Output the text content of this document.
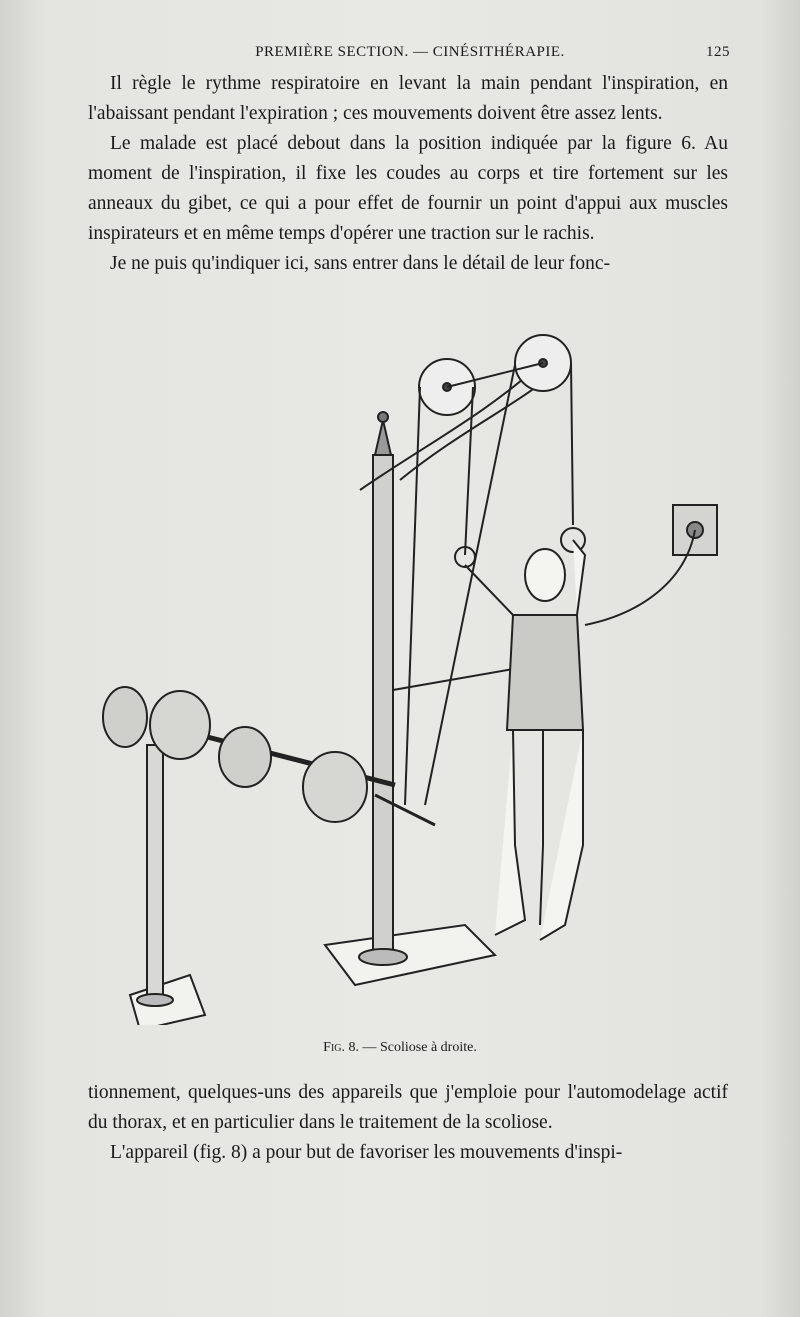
PREMIÈRE SECTION. — CINÉSITHÉRAPIE.	125

Il règle le rythme respiratoire en levant la main pendant l'inspiration, en l'abaissant pendant l'expiration ; ces mouvements doivent être assez lents.

Le malade est placé debout dans la position indiquée par la figure 6. Au moment de l'inspiration, il fixe les coudes au corps et tire fortement sur les anneaux du gibet, ce qui a pour effet de fournir un point d'appui aux muscles inspirateurs et en même temps d'opérer une traction sur le rachis.

Je ne puis qu'indiquer ici, sans entrer dans le détail de leur fonc-

Fig. 8. — Scoliose à droite.

tionnement, quelques-uns des appareils que j'emploie pour l'automodelage actif du thorax, et en particulier dans le traitement de la scoliose.

L'appareil (fig. 8) a pour but de favoriser les mouvements d'inspi-
